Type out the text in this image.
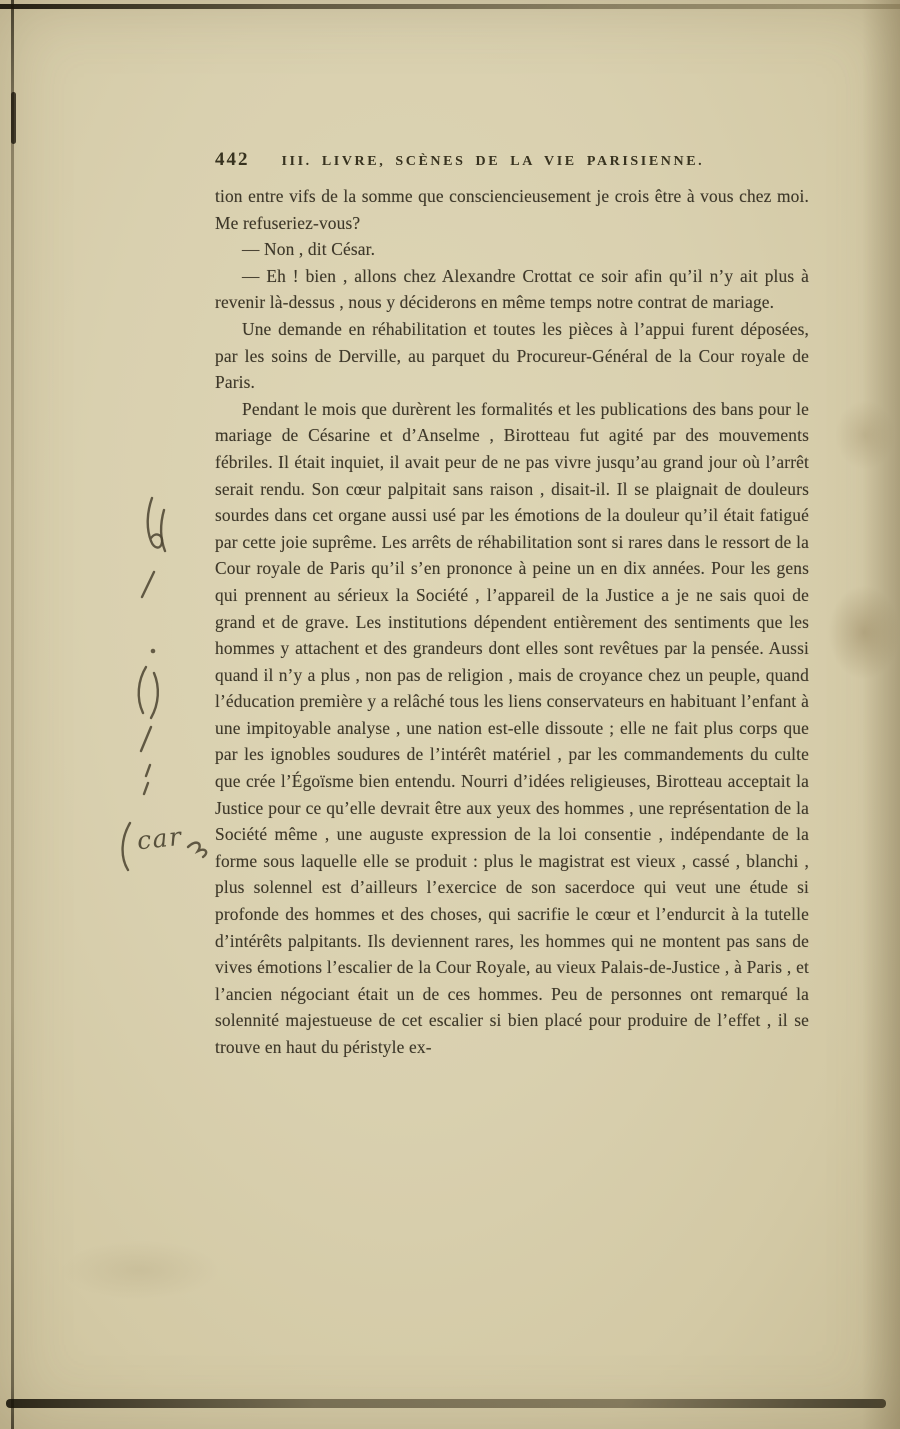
442 III. LIVRE, SCÈNES DE LA VIE PARISIENNE.

tion entre vifs de la somme que consciencieusement je crois être à vous chez moi. Me refuseriez-vous?

— Non , dit César.

— Eh ! bien , allons chez Alexandre Crottat ce soir afin qu’il n’y ait plus à revenir là-dessus , nous y déciderons en même temps notre contrat de mariage.

Une demande en réhabilitation et toutes les pièces à l’appui furent déposées, par les soins de Derville, au parquet du Procureur-Général de la Cour royale de Paris.

Pendant le mois que durèrent les formalités et les publications des bans pour le mariage de Césarine et d’Anselme , Birotteau fut agité par des mouvements fébriles. Il était inquiet, il avait peur de ne pas vivre jusqu’au grand jour où l’arrêt serait rendu. Son cœur palpitait sans raison , disait-il. Il se plaignait de douleurs sourdes dans cet organe aussi usé par les émotions de la douleur qu’il était fatigué par cette joie suprême. Les arrêts de réhabilitation sont si rares dans le ressort de la Cour royale de Paris qu’il s’en prononce à peine un en dix années. Pour les gens qui prennent au sérieux la Société , l’appareil de la Justice a je ne sais quoi de grand et de grave. Les institutions dépendent entièrement des sentiments que les hommes y attachent et des grandeurs dont elles sont revêtues par la pensée. Aussi quand il n’y a plus , non pas de religion , mais de croyance chez un peuple, quand l’éducation première y a relâché tous les liens conservateurs en habituant l’enfant à une impitoyable analyse , une nation est-elle dissoute ; elle ne fait plus corps que par les ignobles soudures de l’intérêt matériel , par les commandements du culte que crée l’Égoïsme bien entendu. Nourri d’idées religieuses, Birotteau acceptait la Justice pour ce qu’elle devrait être aux yeux des hommes , une représentation de la Société même , une auguste expression de la loi consentie , indépendante de la forme sous laquelle elle se produit : plus le magistrat est vieux , cassé , blanchi , plus solennel est d’ailleurs l’exercice de son sacerdoce qui veut une étude si profonde des hommes et des choses, qui sacrifie le cœur et l’endurcit à la tutelle d’intérêts palpitants. Ils deviennent rares, les hommes qui ne montent pas sans de vives émotions l’escalier de la Cour Royale, au vieux Palais-de-Justice , à Paris , et l’ancien négociant était un de ces hommes. Peu de personnes ont remarqué la solennité majestueuse de cet escalier si bien placé pour produire de l’effet , il se trouve en haut du péristyle ex-

car
